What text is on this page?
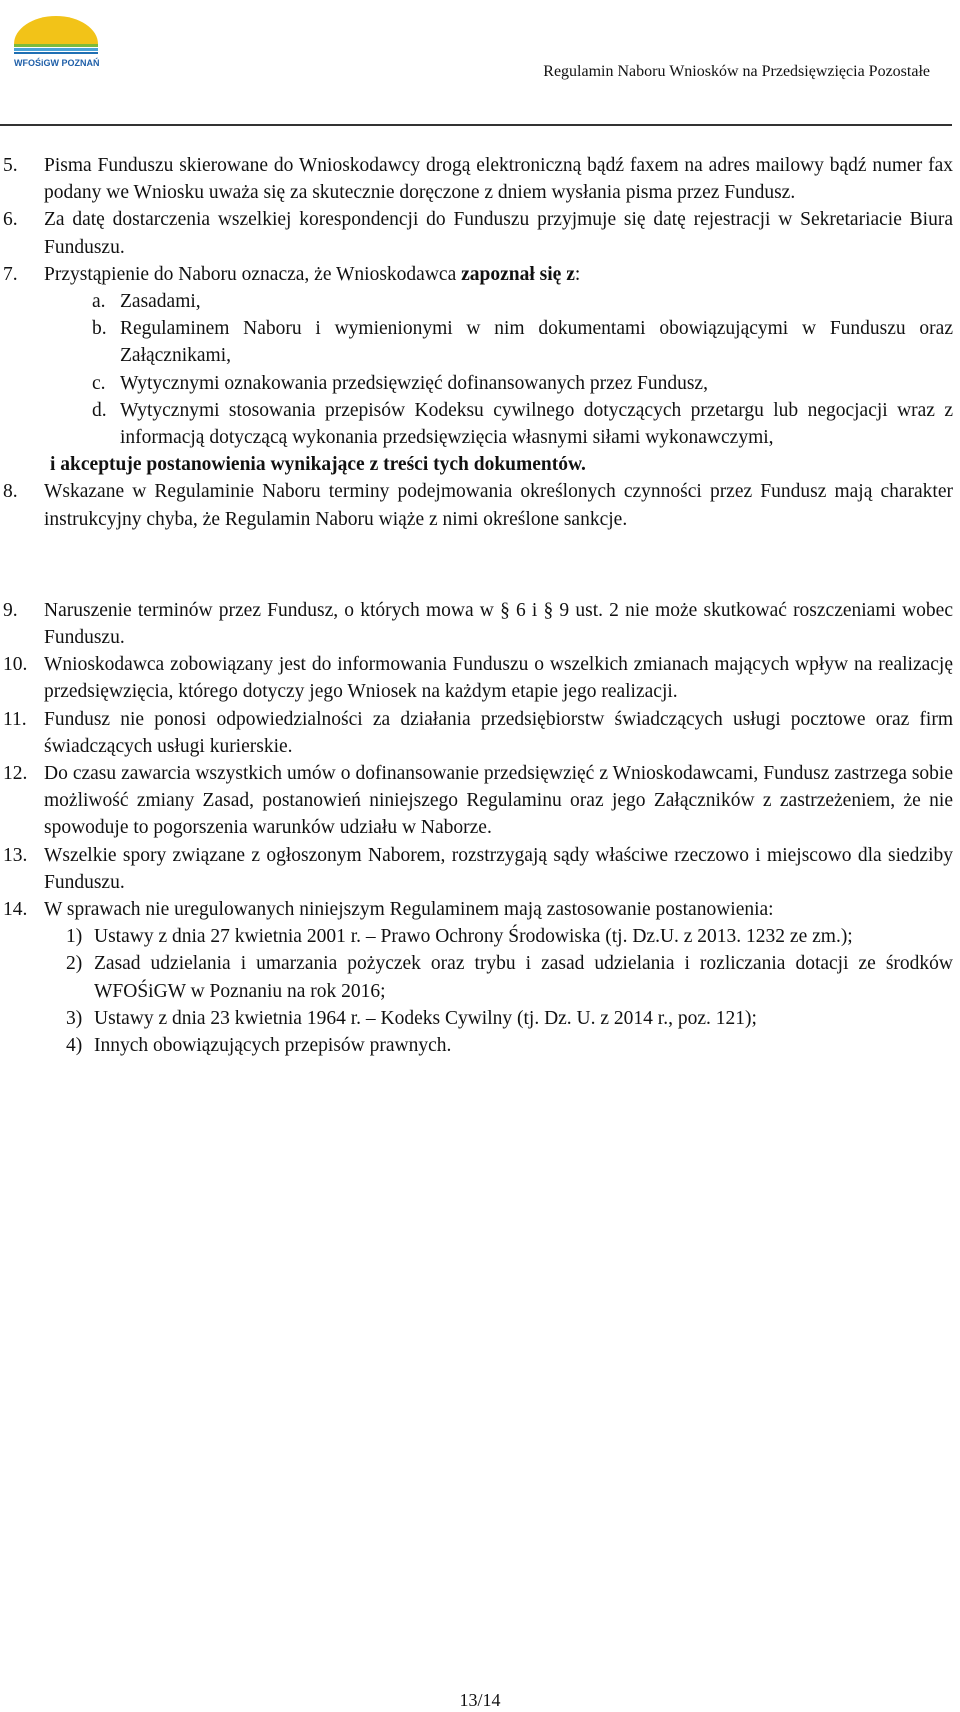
WFOŚiGW POZNAŃ	Regulamin Naboru Wniosków na Przedsięwzięcia Pozostałe
5. Pisma Funduszu skierowane do Wnioskodawcy drogą elektroniczną bądź faxem na adres mailowy bądź numer fax podany we Wniosku uważa się za skutecznie doręczone z dniem wysłania pisma przez Fundusz.
6. Za datę dostarczenia wszelkiej korespondencji do Funduszu przyjmuje się datę rejestracji w Sekretariacie Biura Funduszu.
7. Przystąpienie do Naboru oznacza, że Wnioskodawca zapoznał się z:
a. Zasadami,
b. Regulaminem Naboru i wymienionymi w nim dokumentami obowiązującymi w Funduszu oraz Załącznikami,
c. Wytycznymi oznakowania przedsięwzięć dofinansowanych przez Fundusz,
d. Wytycznymi stosowania przepisów Kodeksu cywilnego dotyczących przetargu lub negocjacji wraz z informacją dotyczącą wykonania przedsięwzięcia własnymi siłami wykonawczymi,
i akceptuje postanowienia wynikające z treści tych dokumentów.
8. Wskazane w Regulaminie Naboru terminy podejmowania określonych czynności przez Fundusz mają charakter instrukcyjny chyba, że Regulamin Naboru wiąże z nimi określone sankcje.
9. Naruszenie terminów przez Fundusz, o których mowa w § 6 i § 9 ust. 2 nie może skutkować roszczeniami wobec Funduszu.
10. Wnioskodawca zobowiązany jest do informowania Funduszu o wszelkich zmianach mających wpływ na realizację przedsięwzięcia, którego dotyczy jego Wniosek na każdym etapie jego realizacji.
11. Fundusz nie ponosi odpowiedzialności za działania przedsiębiorstw świadczących usługi pocztowe oraz firm świadczących usługi kurierskie.
12. Do czasu zawarcia wszystkich umów o dofinansowanie przedsięwzięć z Wnioskodawcami, Fundusz zastrzega sobie możliwość zmiany Zasad, postanowień niniejszego Regulaminu oraz jego Załączników z zastrzeżeniem, że nie spowoduje to pogorszenia warunków udziału w Naborze.
13. Wszelkie spory związane z ogłoszonym Naborem, rozstrzygają sądy właściwe rzeczowo i miejscowo dla siedziby Funduszu.
14. W sprawach nie uregulowanych niniejszym Regulaminem mają zastosowanie postanowienia:
1) Ustawy z dnia 27 kwietnia 2001 r. – Prawo Ochrony Środowiska (tj. Dz.U. z 2013. 1232 ze zm.);
2) Zasad udzielania i umarzania pożyczek oraz trybu i zasad udzielania i rozliczania dotacji ze środków WFOŚiGW w Poznaniu na rok 2016;
3) Ustawy z dnia 23 kwietnia 1964 r. – Kodeks Cywilny (tj. Dz. U. z 2014 r., poz. 121);
4) Innych obowiązujących przepisów prawnych.
13/14
